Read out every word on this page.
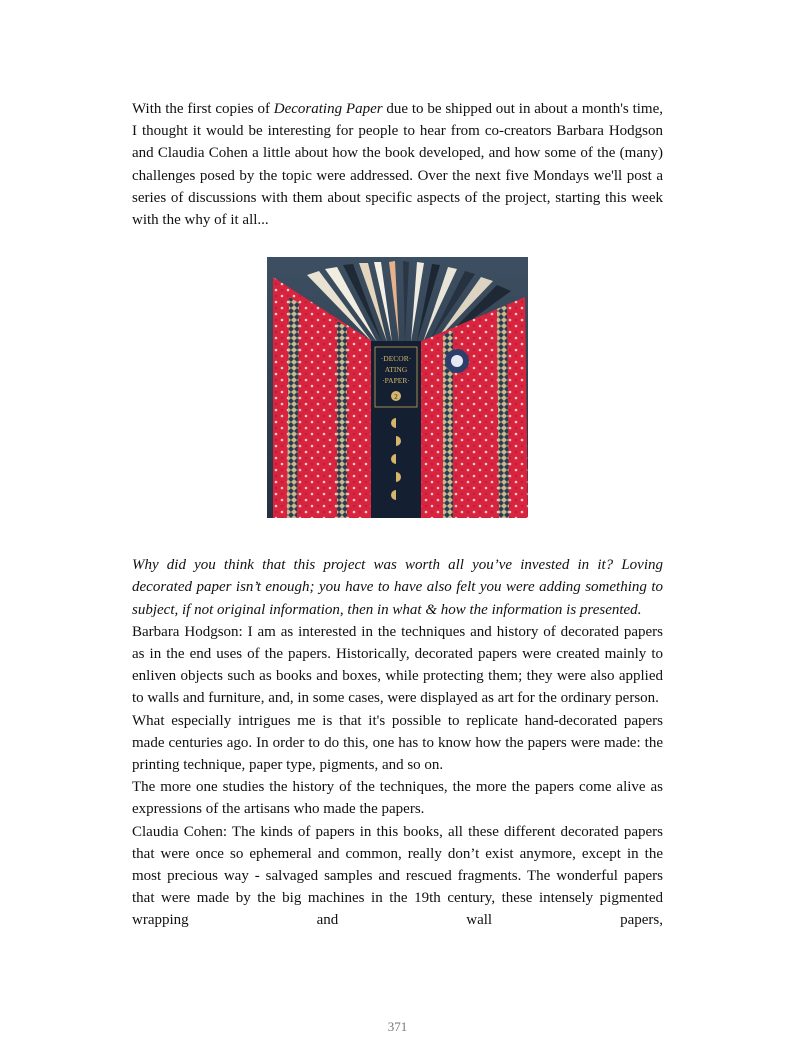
With the first copies of Decorating Paper due to be shipped out in about a month's time, I thought it would be interesting for people to hear from co-creators Barbara Hodgson and Claudia Cohen a little about how the book developed, and how some of the (many) challenges posed by the topic were addressed. Over the next five Mondays we'll post a series of discussions with them about specific aspects of the project, starting this week with the why of it all...

·DECOR·
ATING
·PAPER·
2

Why did you think that this project was worth all you’ve invested in it? Loving decorated paper isn’t enough; you have to have also felt you were adding something to subject, if not original information, then in what & how the information is presented.

Barbara Hodgson: I am as interested in the techniques and history of decorated papers as in the end uses of the papers. Historically, decorated papers were created mainly to enliven objects such as books and boxes, while protecting them; they were also applied to walls and furniture, and, in some cases, were displayed as art for the ordinary person.

What especially intrigues me is that it's possible to replicate hand-decorated papers made centuries ago. In order to do this, one has to know how the papers were made: the printing technique, paper type, pigments, and so on.

The more one studies the history of the techniques, the more the papers come alive as expressions of the artisans who made the papers.

Claudia Cohen: The kinds of papers in this books, all these different decorated papers that were once so ephemeral and common, really don’t exist anymore, except in the most precious way - salvaged samples and rescued fragments. The wonderful papers that were made by the big machines in the 19th century, these intensely pigmented wrapping and wall papers,

371
